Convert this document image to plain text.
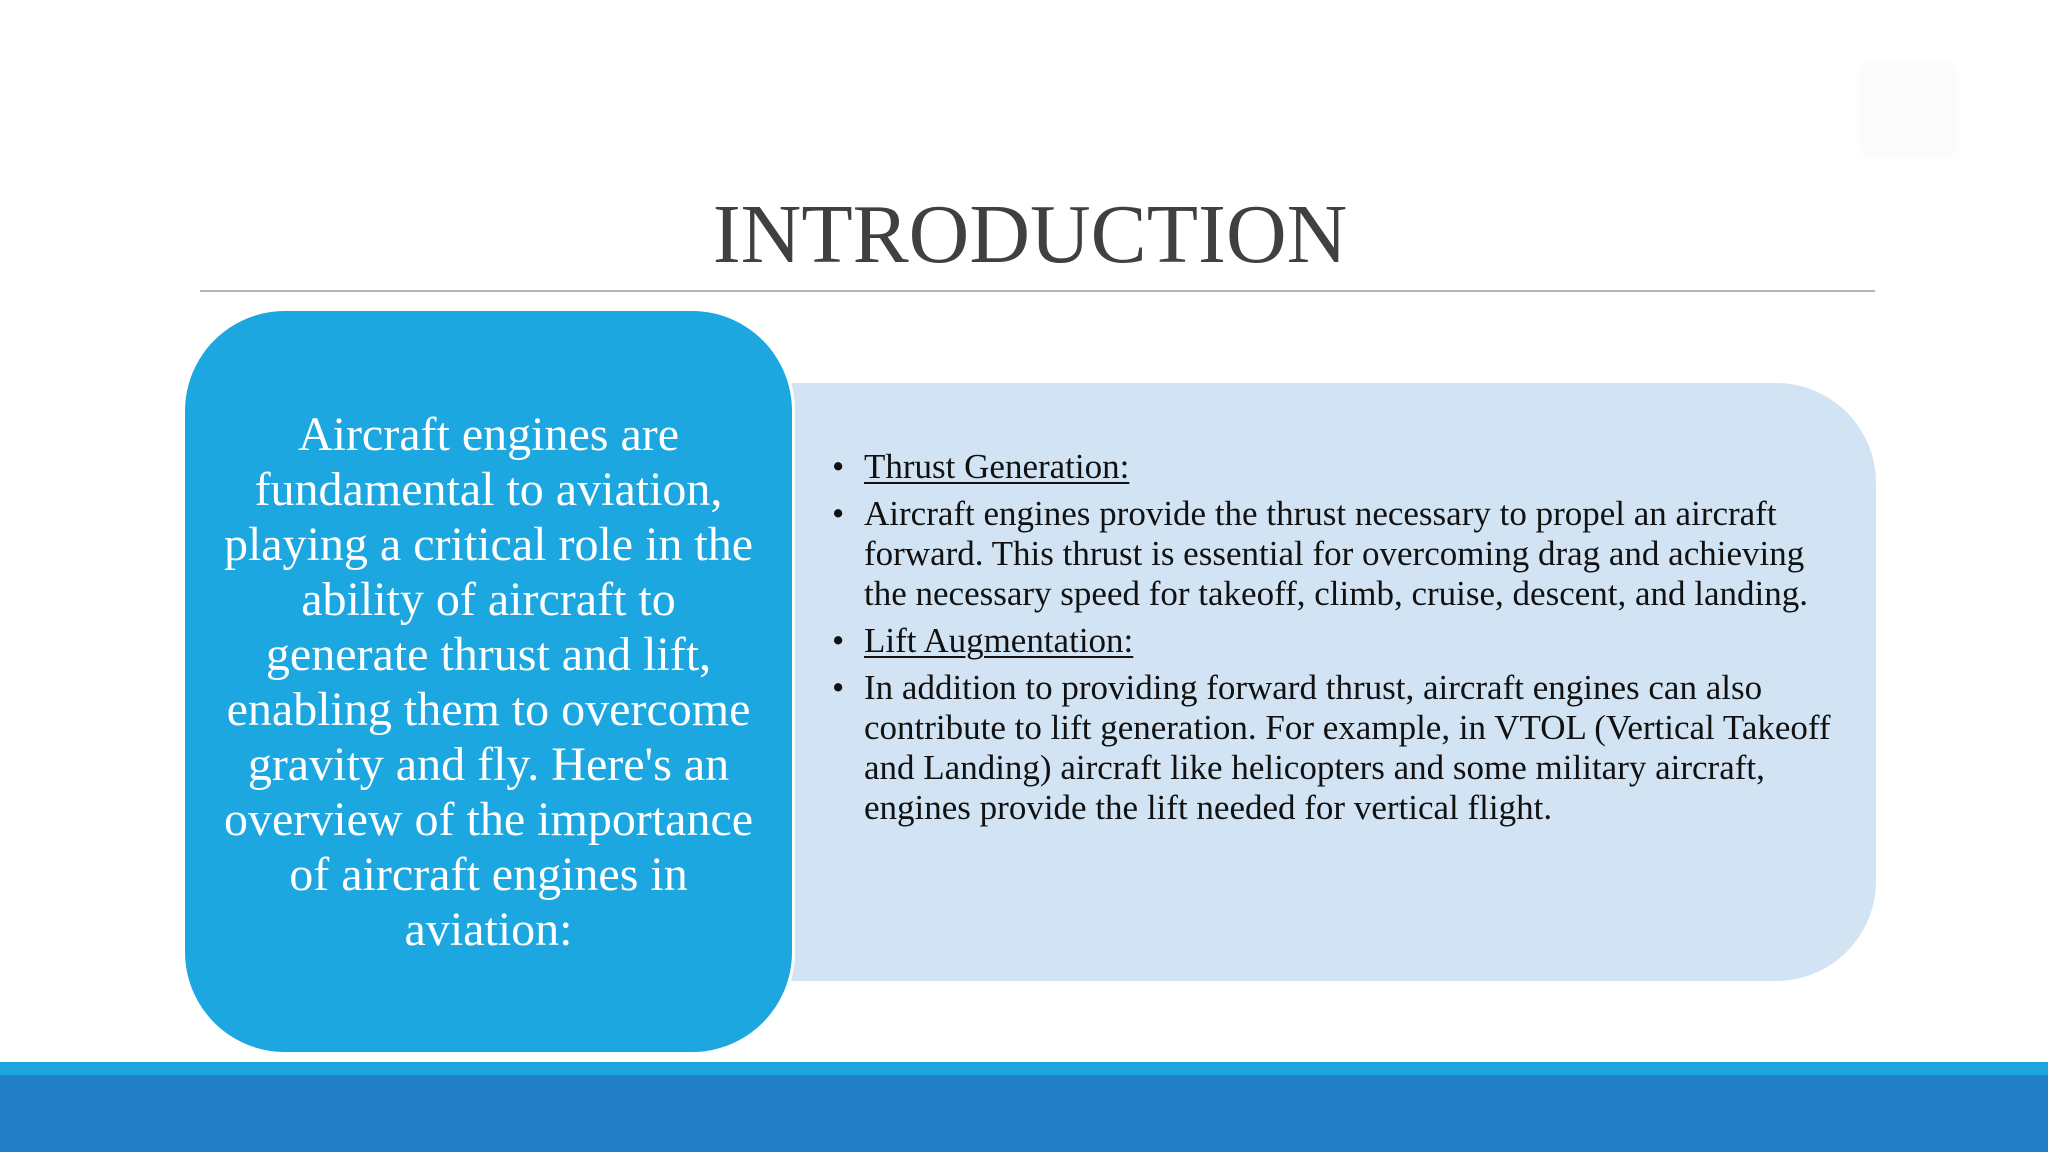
INTRODUCTION
Aircraft engines are fundamental to aviation, playing a critical role in the ability of aircraft to generate thrust and lift, enabling them to overcome gravity and fly. Here's an overview of the importance of aircraft engines in aviation:
• Thrust Generation:
• Aircraft engines provide the thrust necessary to propel an aircraft forward. This thrust is essential for overcoming drag and achieving the necessary speed for takeoff, climb, cruise, descent, and landing.
• Lift Augmentation:
• In addition to providing forward thrust, aircraft engines can also contribute to lift generation. For example, in VTOL (Vertical Takeoff and Landing) aircraft like helicopters and some military aircraft, engines provide the lift needed for vertical flight.
